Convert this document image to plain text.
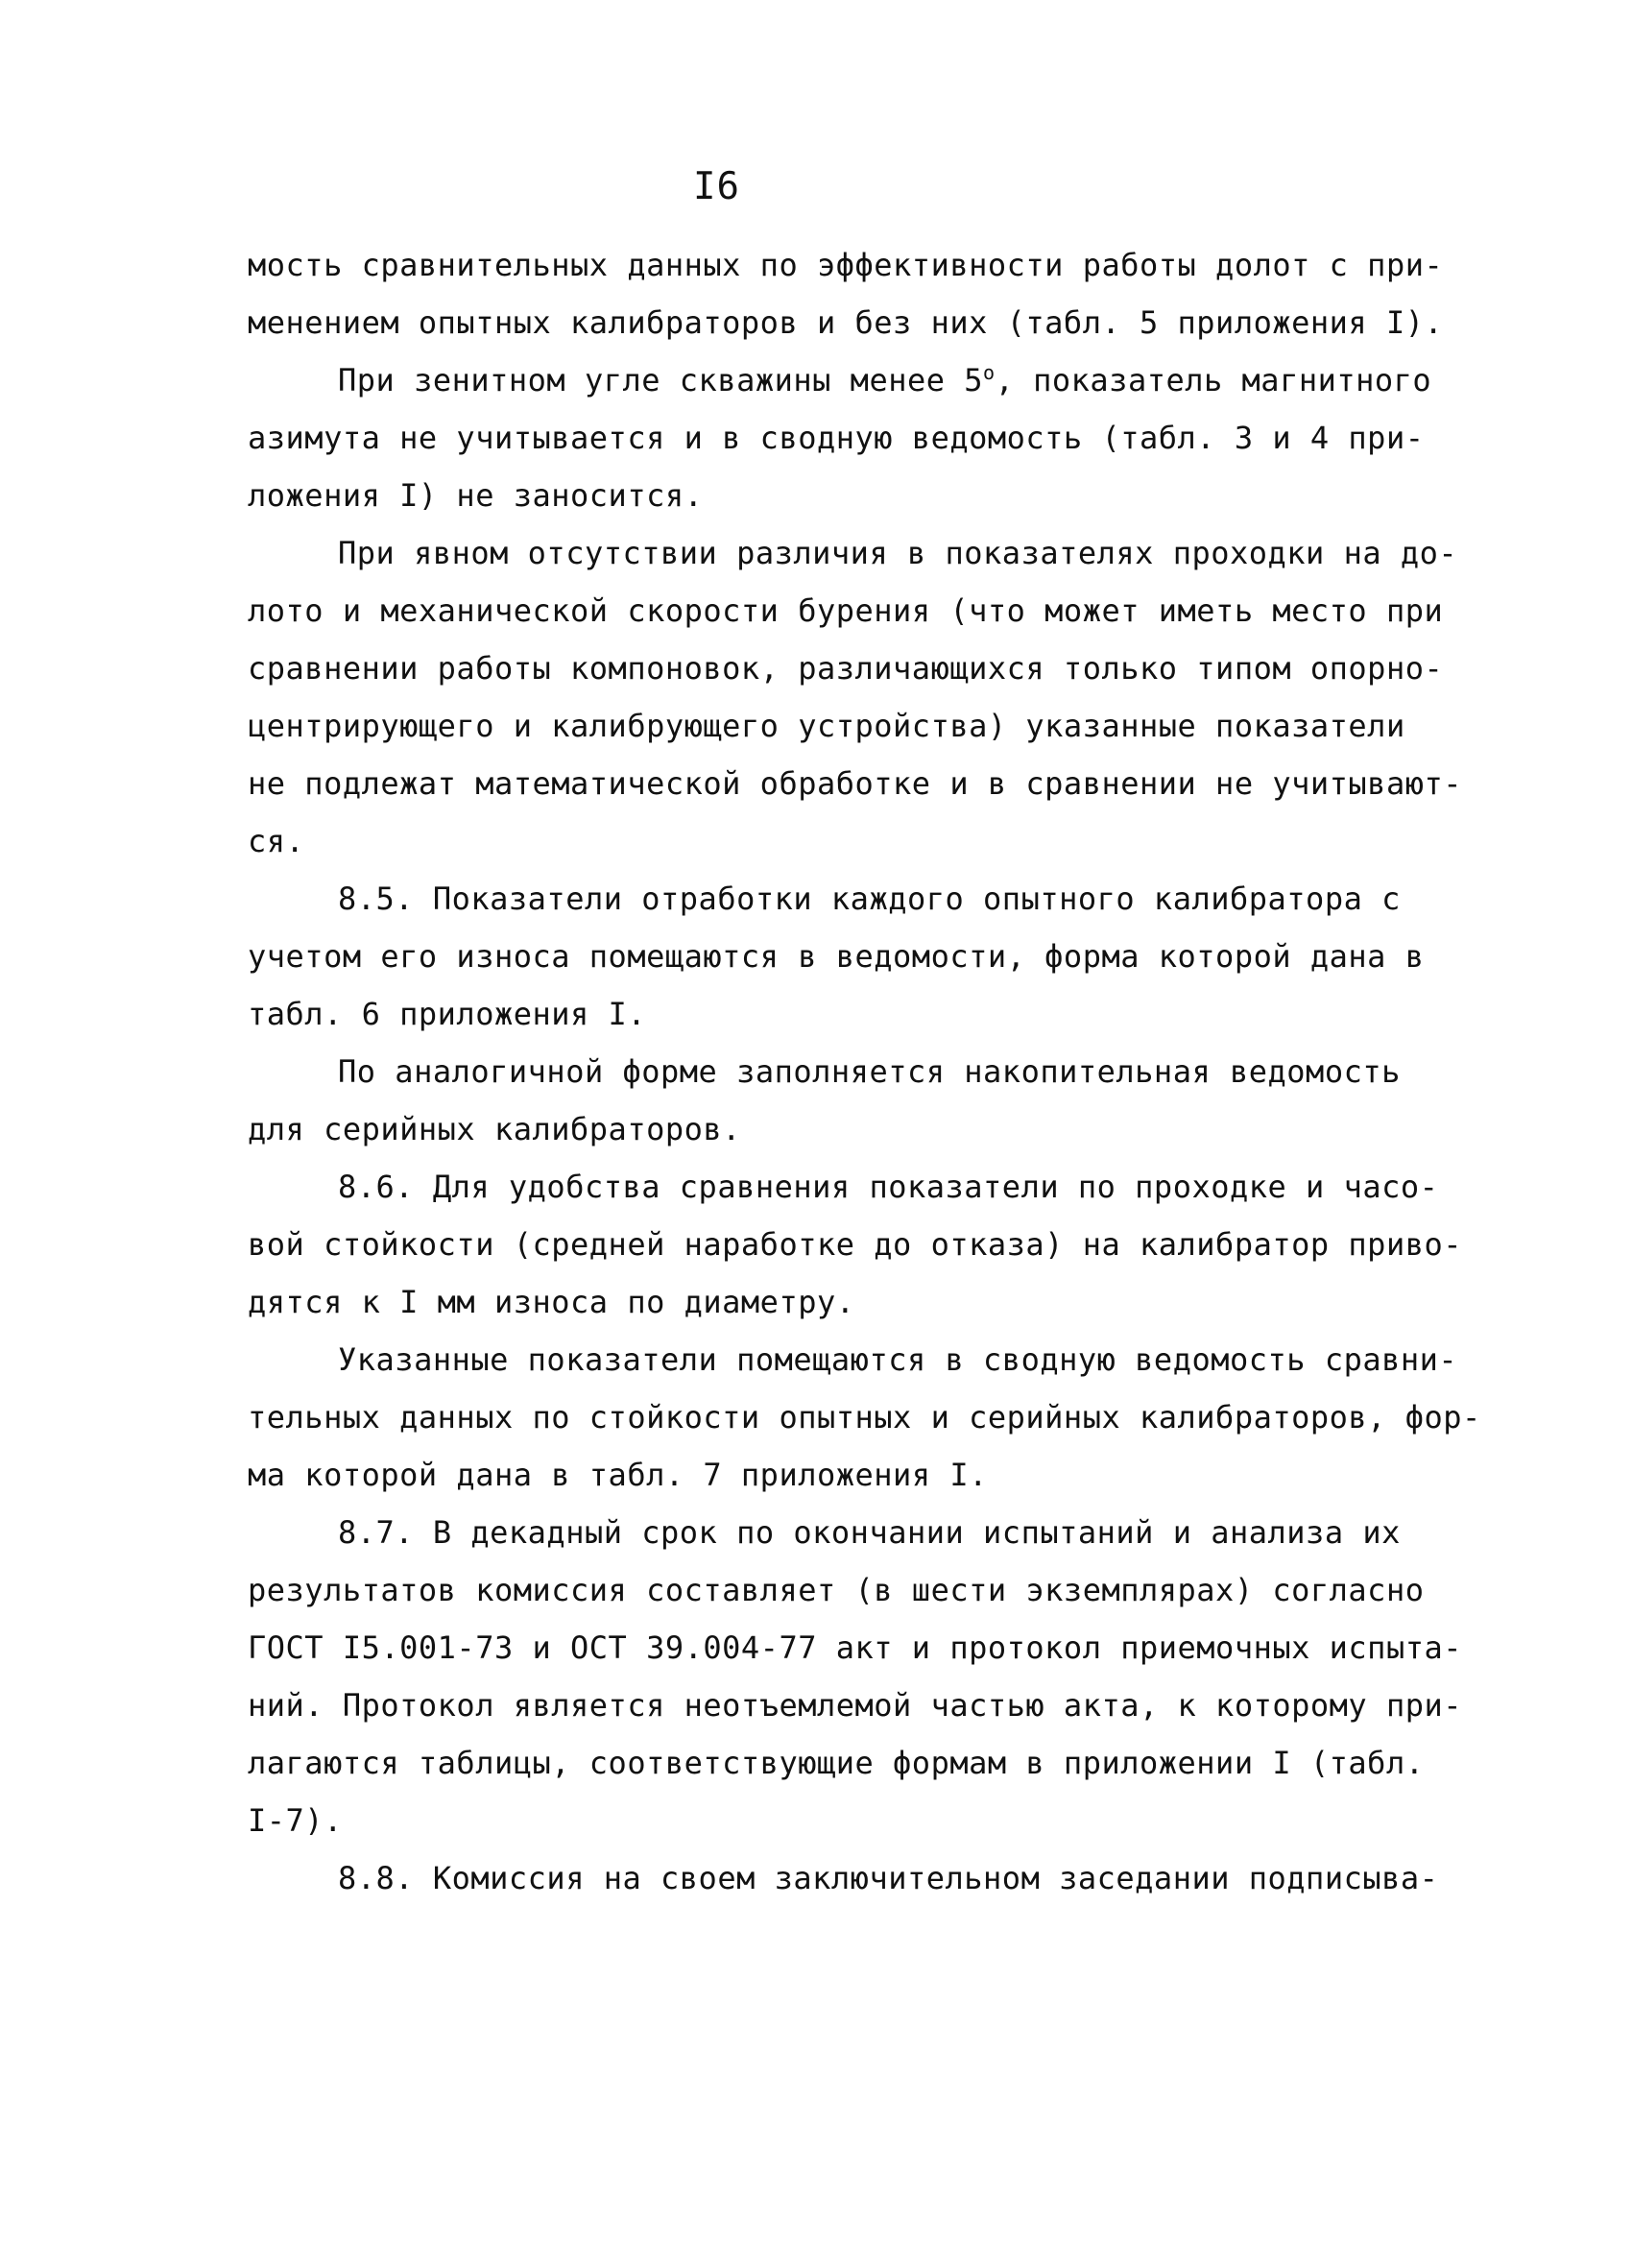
I6
мость сравнительных данных по эффективности работы долот с при-
менением опытных калибраторов и без них (табл. 5 приложения I).
При зенитном угле скважины менее $5^о$, показатель магнитного
азимута не учитывается и в сводную ведомость (табл. 3 и 4 при-
ложения I) не заносится.
При явном отсутствии различия в показателях проходки на до-
лото и механической скорости бурения (что может иметь место при
сравнении работы компоновок, различающихся только типом опорно-
центрирующего и калибрующего устройства) указанные показатели
не подлежат математической обработке и в сравнении не учитывают-
ся.
8.5. Показатели отработки каждого опытного калибратора с
учетом его износа помещаются в ведомости, форма которой дана в
табл. 6 приложения I.
По аналогичной форме заполняется накопительная ведомость
для серийных калибраторов.
8.6. Для удобства сравнения показатели по проходке и часо-
вой стойкости (средней наработке до отказа) на калибратор приво-
дятся к I мм износа по диаметру.
Указанные показатели помещаются в сводную ведомость сравни-
тельных данных по стойкости опытных и серийных калибраторов, фор-
ма которой дана в табл. 7 приложения I.
8.7. В декадный срок по окончании испытаний и анализа их
результатов комиссия составляет (в шести экземплярах) согласно
ГОСТ I5.001-73 и ОСТ 39.004-77 акт и протокол приемочных испыта-
ний. Протокол является неотъемлемой частью акта, к которому при-
лагаются таблицы, соответствующие формам в приложении I (табл.
I-7).
8.8. Комиссия на своем заключительном заседании подписыва-
